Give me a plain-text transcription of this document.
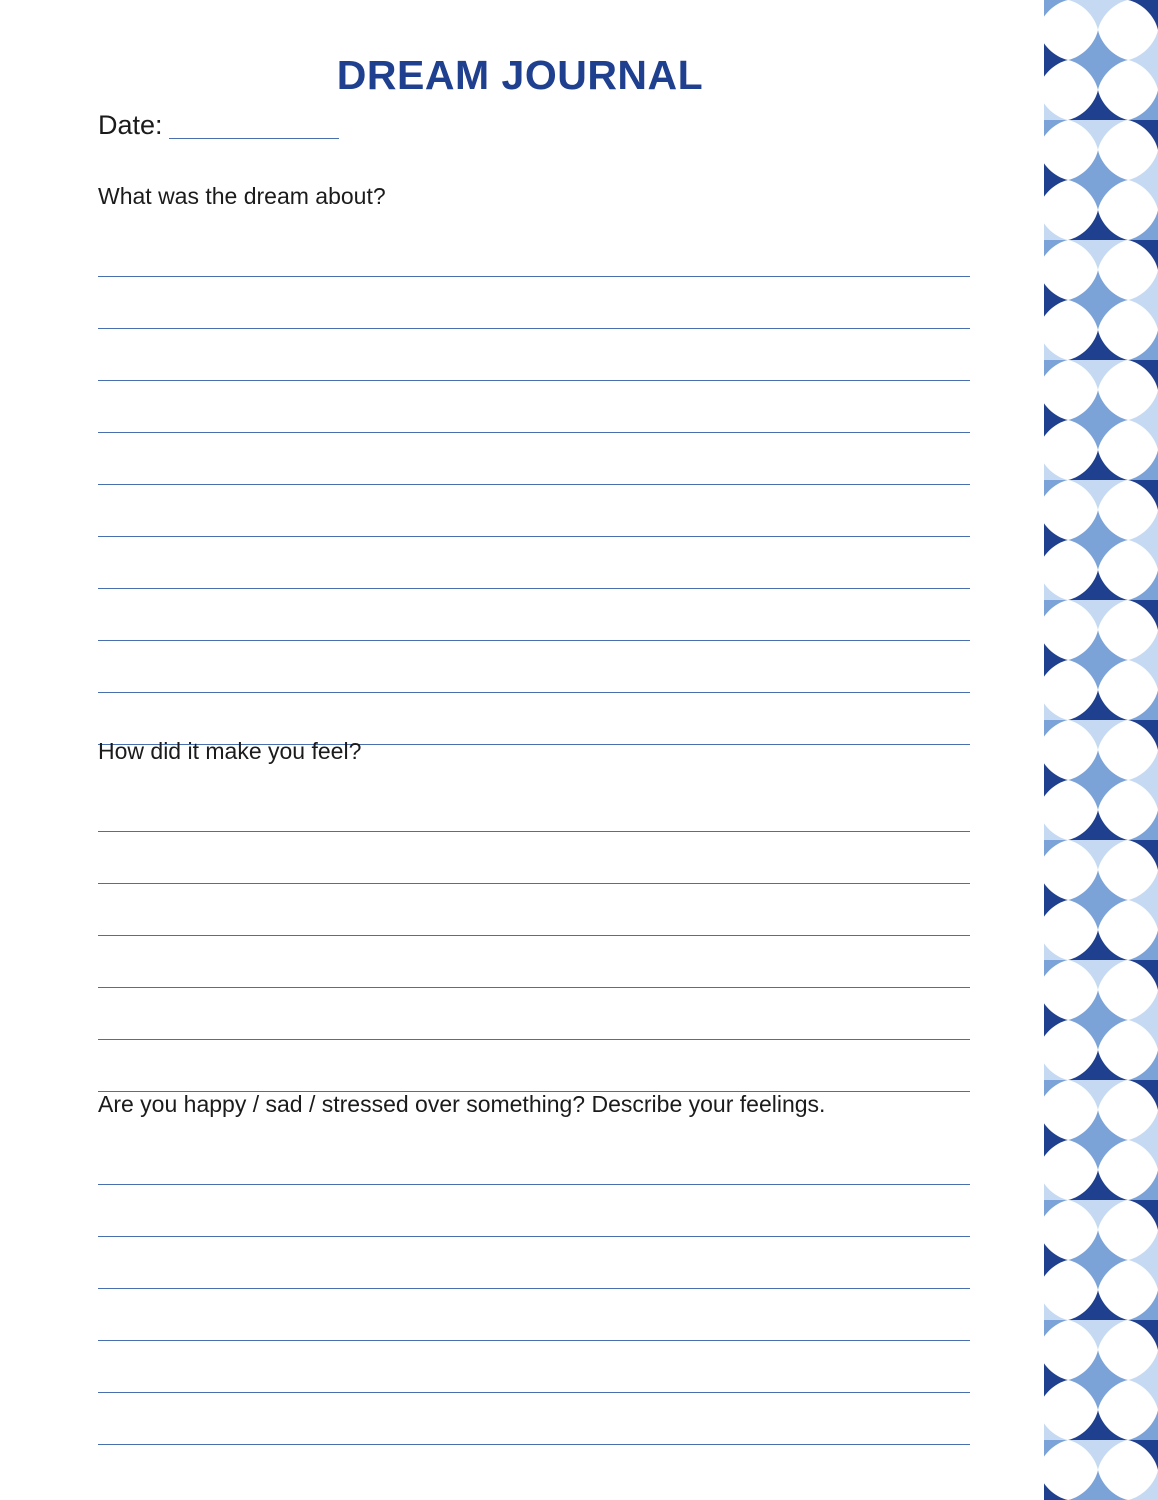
DREAM JOURNAL
Date:

What was the dream about?

How did it make you feel?

Are you happy / sad / stressed over something? Describe your feelings.
